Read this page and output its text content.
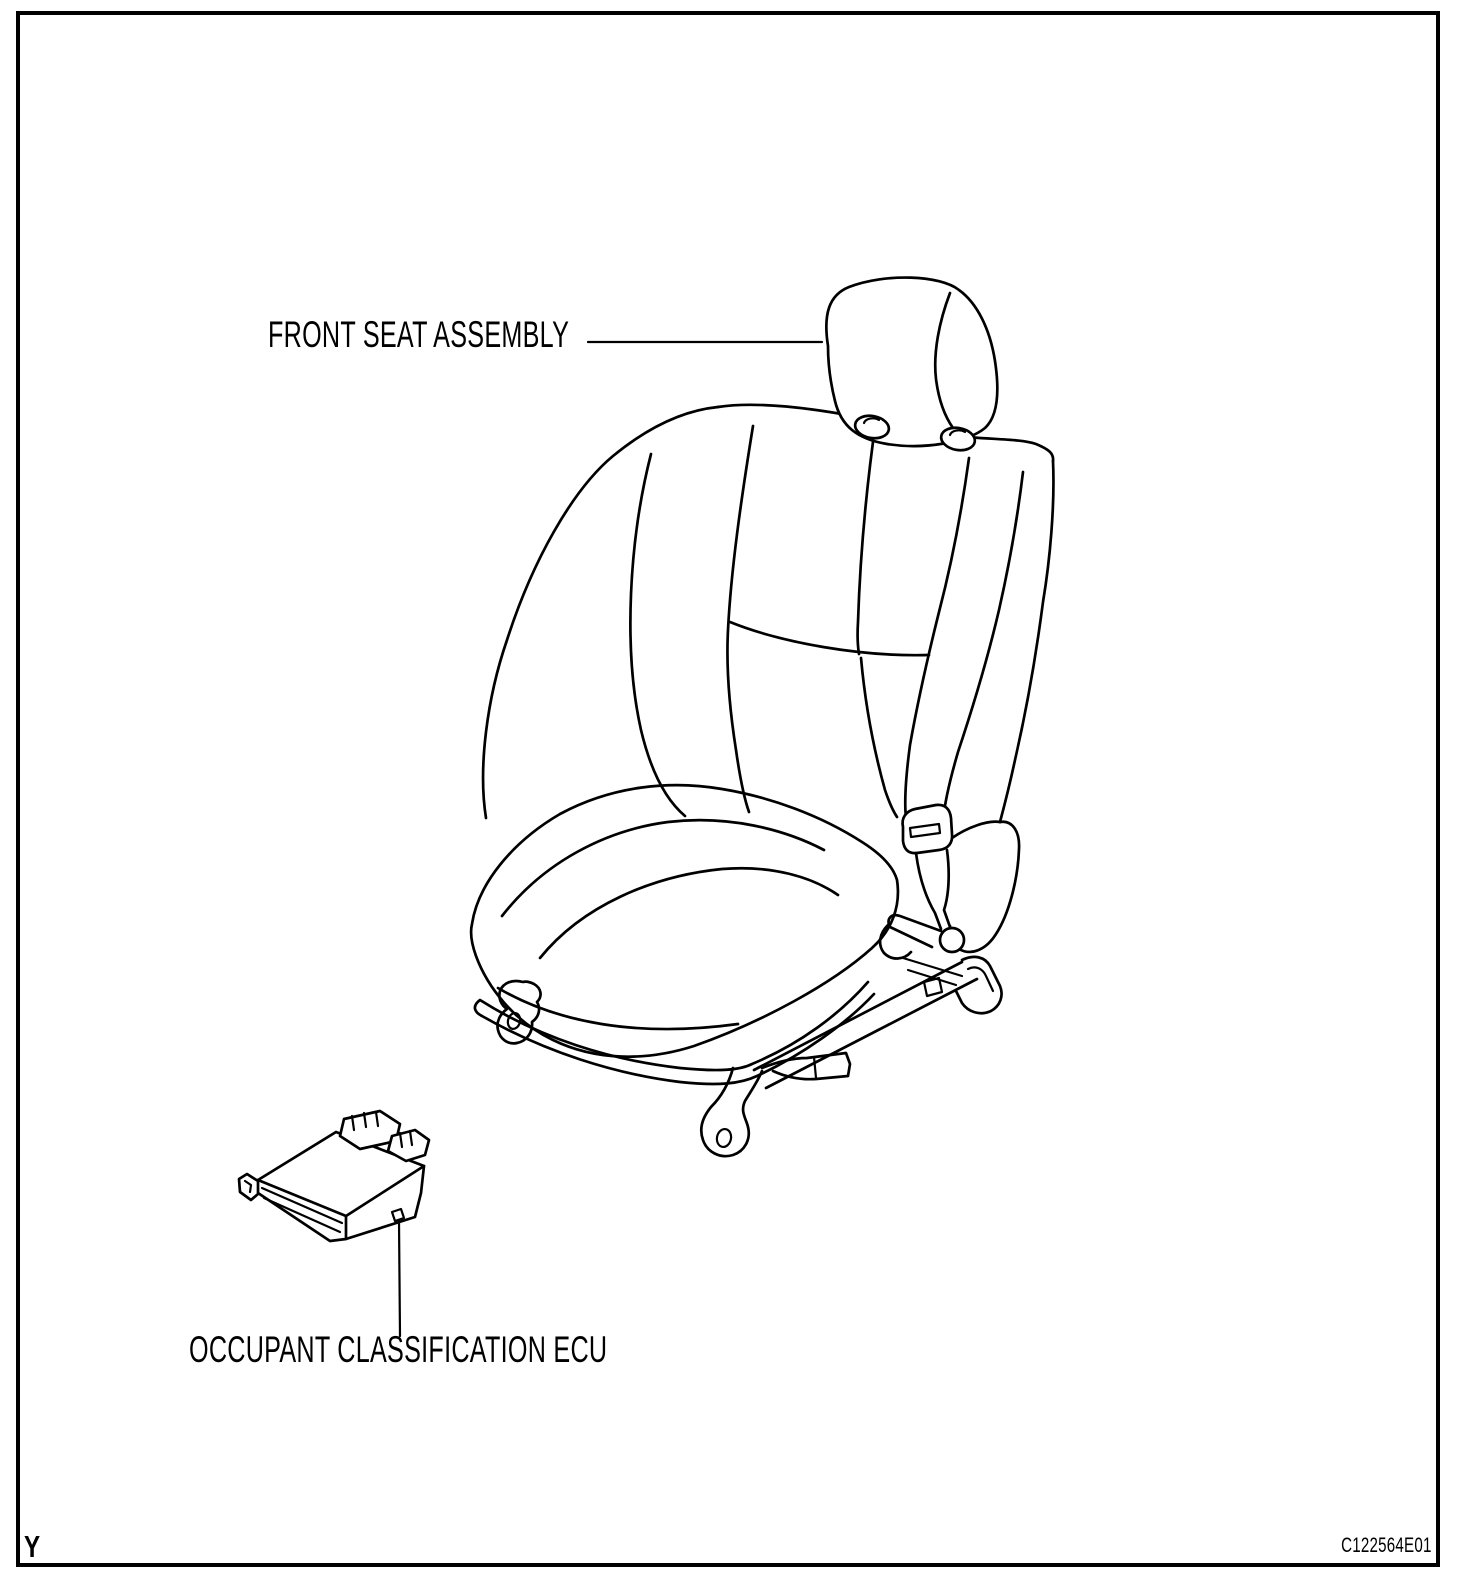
FRONT SEAT ASSEMBLY
OCCUPANT CLASSIFICATION ECU
Y	C122564E01
